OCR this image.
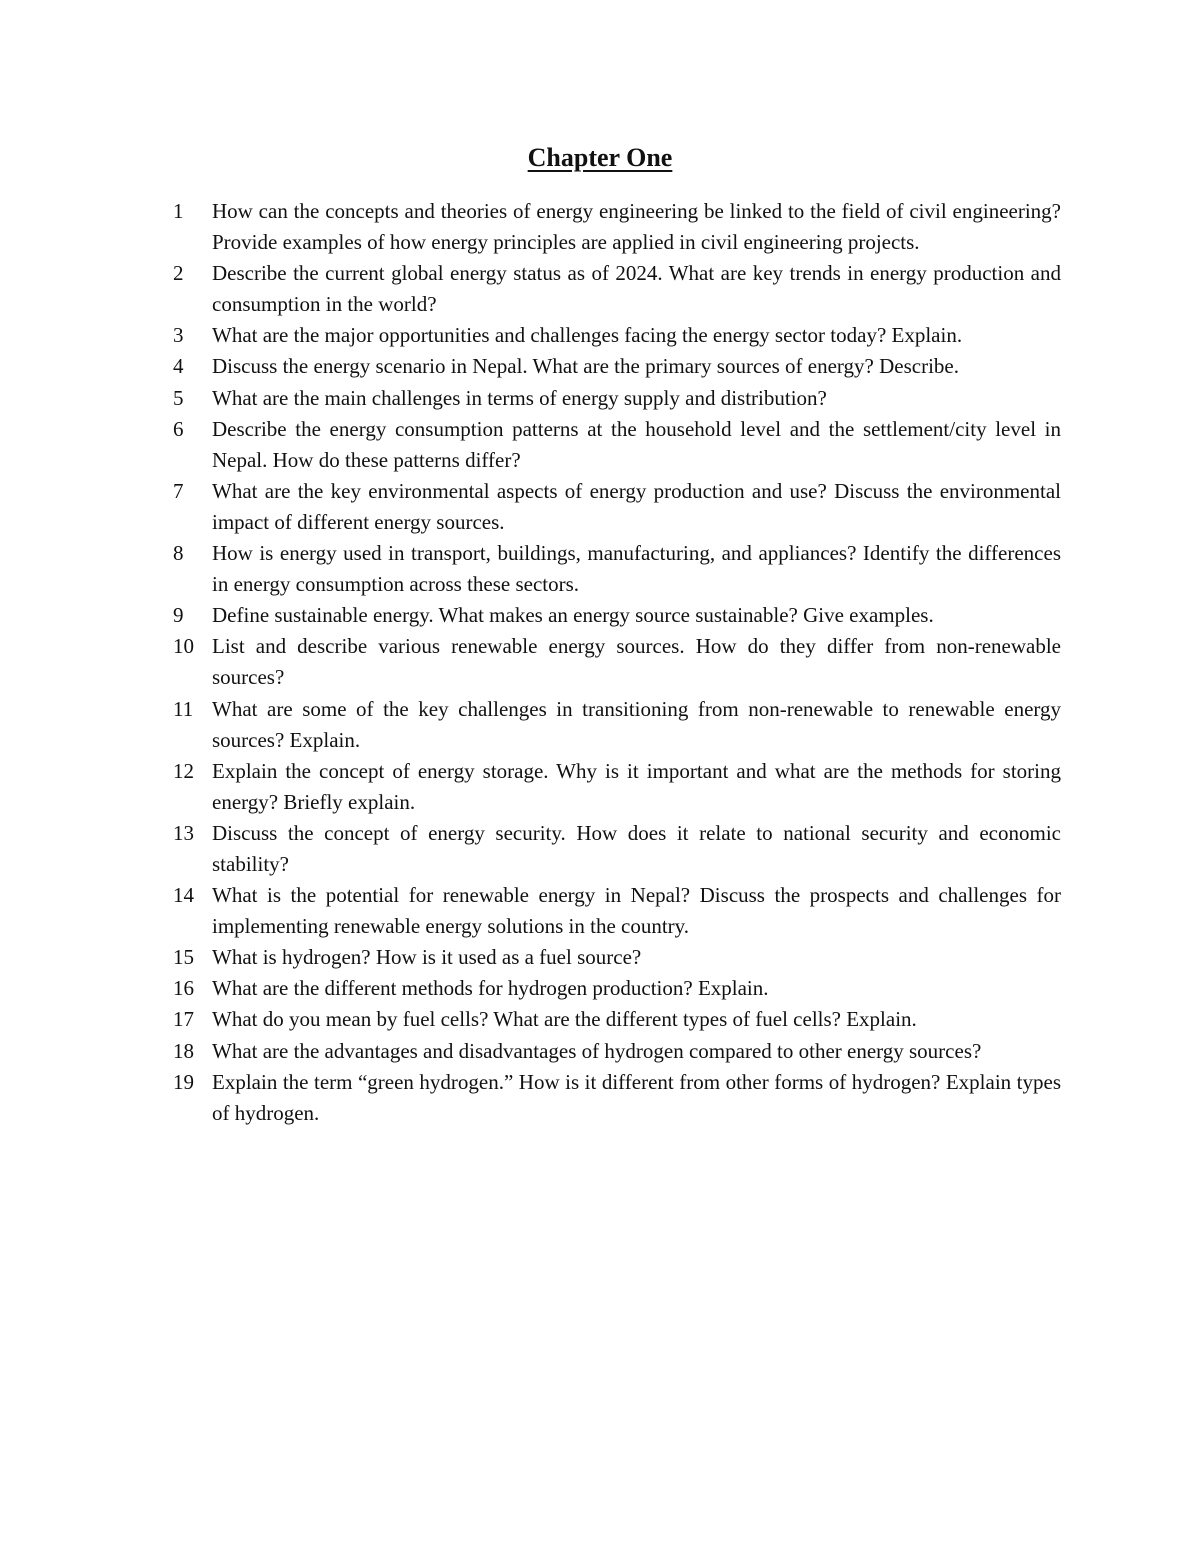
Chapter One
1	How can the concepts and theories of energy engineering be linked to the field of civil engineering? Provide examples of how energy principles are applied in civil engineering projects.
2	Describe the current global energy status as of 2024. What are key trends in energy production and consumption in the world?
3	What are the major opportunities and challenges facing the energy sector today? Explain.
4	Discuss the energy scenario in Nepal. What are the primary sources of energy? Describe.
5	What are the main challenges in terms of energy supply and distribution?
6	Describe the energy consumption patterns at the household level and the settlement/city level in Nepal. How do these patterns differ?
7	What are the key environmental aspects of energy production and use? Discuss the environmental impact of different energy sources.
8	How is energy used in transport, buildings, manufacturing, and appliances? Identify the differences in energy consumption across these sectors.
9	Define sustainable energy. What makes an energy source sustainable? Give examples.
10 List and describe various renewable energy sources. How do they differ from non-renewable sources?
11 What are some of the key challenges in transitioning from non-renewable to renewable energy sources? Explain.
12 Explain the concept of energy storage. Why is it important and what are the methods for storing energy? Briefly explain.
13 Discuss the concept of energy security. How does it relate to national security and economic stability?
14 What is the potential for renewable energy in Nepal? Discuss the prospects and challenges for implementing renewable energy solutions in the country.
15 What is hydrogen? How is it used as a fuel source?
16 What are the different methods for hydrogen production? Explain.
17 What do you mean by fuel cells? What are the different types of fuel cells? Explain.
18 What are the advantages and disadvantages of hydrogen compared to other energy sources?
19 Explain the term “green hydrogen.” How is it different from other forms of hydrogen? Explain types of hydrogen.
